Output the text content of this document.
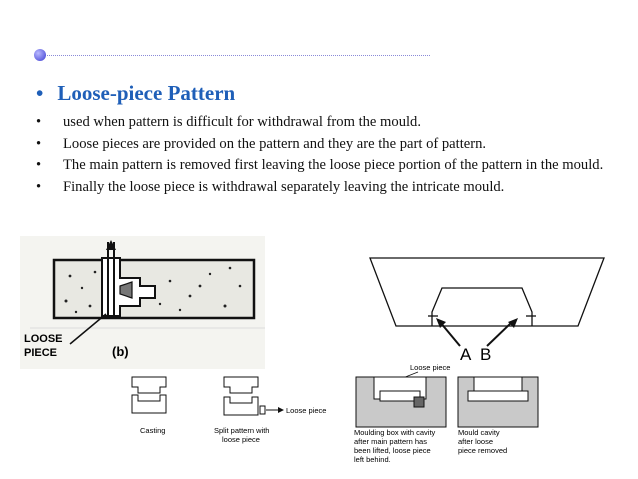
• Loose-piece Pattern
• used when pattern is difficult for withdrawal from the mould.
• Loose pieces are provided on the pattern and they are the part of pattern.
• The main pattern is removed first leaving the loose piece portion of the pattern in the mould.
• Finally the loose piece is withdrawal separately leaving the intricate mould.
LOOSE
PIECE	(b)	A B
Loose piece
Loose piece
Casting	Split pattern with
loose piece
Moulding box with cavity
after main pattern has
been lifted, loose piece
left behind.
Mould cavity
after loose
piece removed
